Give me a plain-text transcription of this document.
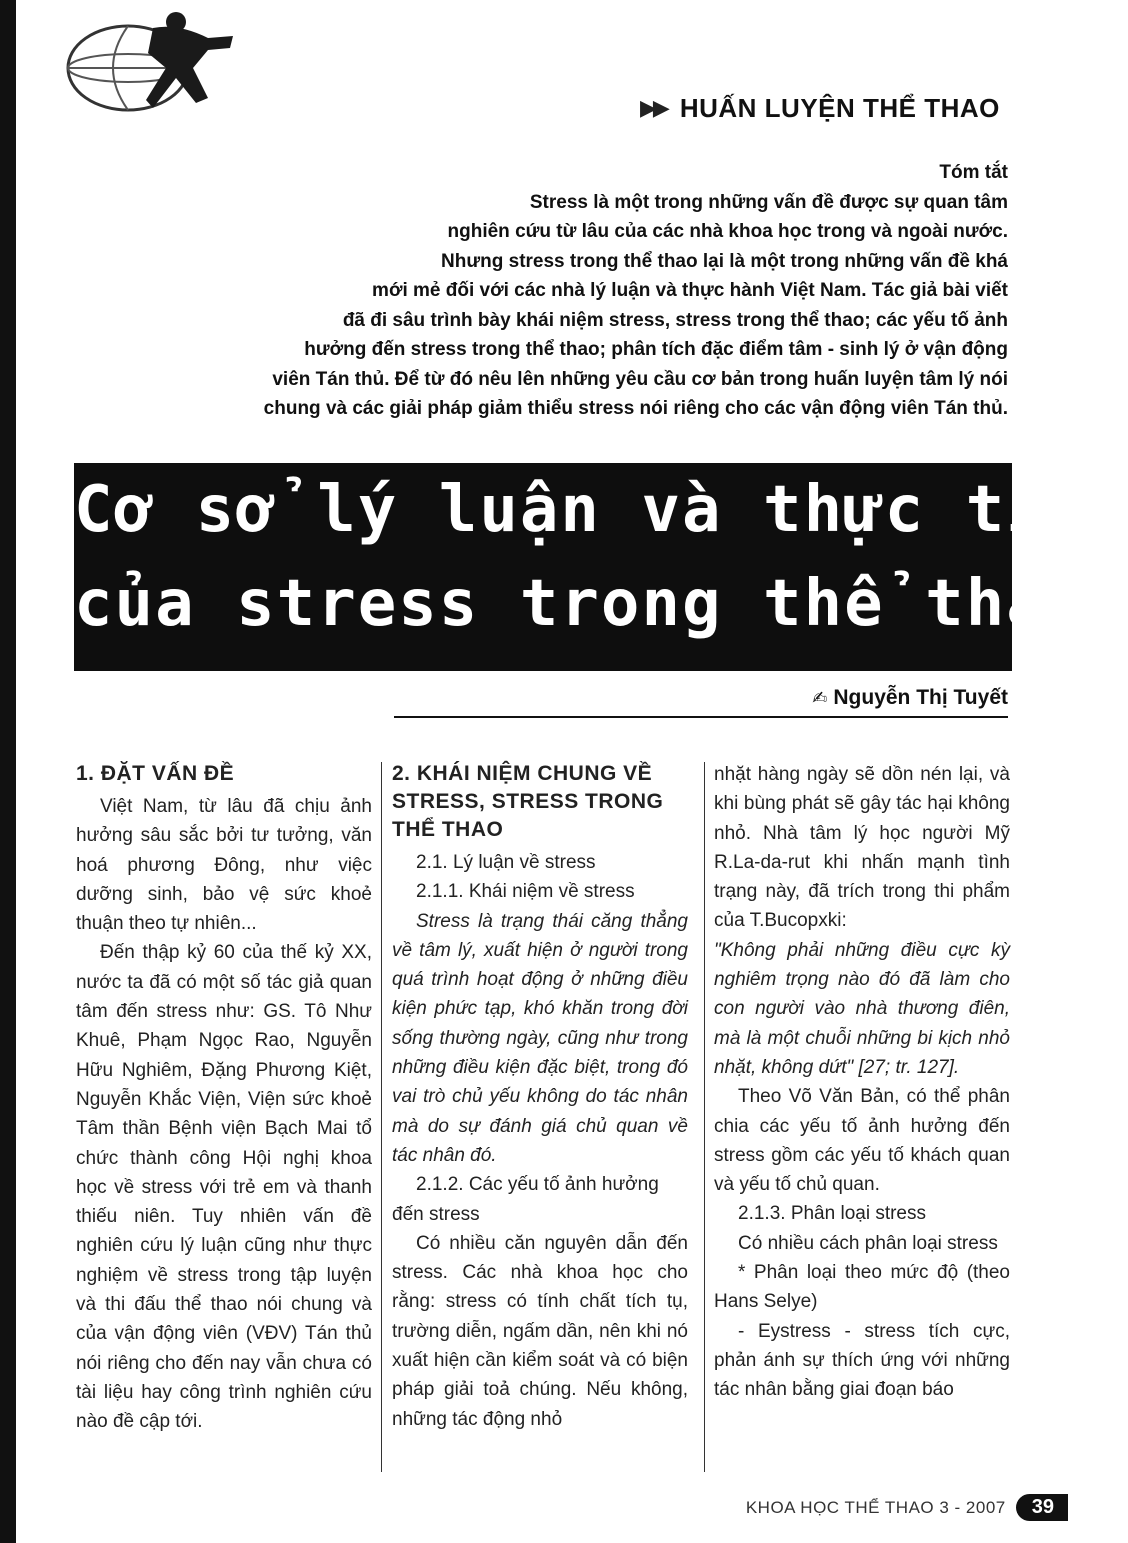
▶▶ HUẤN LUYỆN THỂ THAO
Tóm tắt
Stress là một trong những vấn đề được sự quan tâm
nghiên cứu từ lâu của các nhà khoa học trong và ngoài nước.
Nhưng stress trong thể thao lại là một trong những vấn đề khá
mới mẻ đối với các nhà lý luận và thực hành Việt Nam. Tác giả bài viết
đã đi sâu trình bày khái niệm stress, stress trong thể thao; các yếu tố ảnh
hưởng đến stress trong thể thao; phân tích đặc điểm tâm - sinh lý ở vận động
viên Tán thủ. Để từ đó nêu lên những yêu cầu cơ bản trong huấn luyện tâm lý nói
chung và các giải pháp giảm thiểu stress nói riêng cho các vận động viên Tán thủ.
Cơ sở lý luận và thực tiễn
của stress trong thể thao
✍ Nguyễn Thị Tuyết
1. ĐẶT VẤN ĐỀ

Việt Nam, từ lâu đã chịu ảnh hưởng sâu sắc bởi tư tưởng, văn hoá phương Đông, như việc dưỡng sinh, bảo vệ sức khoẻ thuận theo tự nhiên...

Đến thập kỷ 60 của thế kỷ XX, nước ta đã có một số tác giả quan tâm đến stress như: GS. Tô Như Khuê, Phạm Ngọc Rao, Nguyễn Hữu Nghiêm, Đặng Phương Kiệt, Nguyễn Khắc Viện, Viện sức khoẻ Tâm thần Bệnh viện Bạch Mai tổ chức thành công Hội nghị khoa học về stress với trẻ em và thanh thiếu niên. Tuy nhiên vấn đề nghiên cứu lý luận cũng như thực nghiệm về stress trong tập luyện và thi đấu thể thao nói chung và của vận động viên (VĐV) Tán thủ nói riêng cho đến nay vẫn chưa có tài liệu hay công trình nghiên cứu nào đề cập tới.

2. KHÁI NIỆM CHUNG VỀ STRESS, STRESS TRONG THỂ THAO
2.1. Lý luận về stress
2.1.1. Khái niệm về stress

Stress là trạng thái căng thẳng về tâm lý, xuất hiện ở người trong quá trình hoạt động ở những điều kiện phức tạp, khó khăn trong đời sống thường ngày, cũng như trong những điều kiện đặc biệt, trong đó vai trò chủ yếu không do tác nhân mà do sự đánh giá chủ quan về tác nhân đó.

2.1.2. Các yếu tố ảnh hưởng đến stress

Có nhiều căn nguyên dẫn đến stress. Các nhà khoa học cho rằng: stress có tính chất tích tụ, trường diễn, ngấm dần, nên khi nó xuất hiện cần kiểm soát và có biện pháp giải toả chúng. Nếu không, những tác động nhỏ

nhặt hàng ngày sẽ dồn nén lại, và khi bùng phát sẽ gây tác hại không nhỏ. Nhà tâm lý học người Mỹ R.La-da-rut khi nhấn mạnh tình trạng này, đã trích trong thi phẩm của T.Bucopxki:

"Không phải những điều cực kỳ nghiêm trọng nào đó đã làm cho con người vào nhà thương điên, mà là một chuỗi những bi kịch nhỏ nhặt, không dứt" [27; tr. 127].

Theo Võ Văn Bản, có thể phân chia các yếu tố ảnh hưởng đến stress gồm các yếu tố khách quan và yếu tố chủ quan.

2.1.3. Phân loại stress

Có nhiều cách phân loại stress

* Phân loại theo mức độ (theo Hans Selye)

- Eystress - stress tích cực, phản ánh sự thích ứng với những tác nhân bằng giai đoạn báo

KHOA HỌC THỂ THAO 3 - 2007	39
